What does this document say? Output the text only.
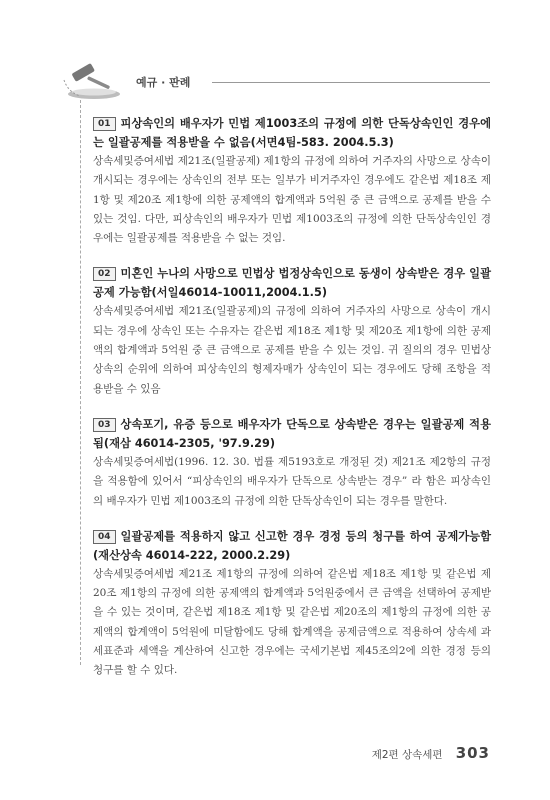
예규 · 판례

01 피상속인의 배우자가 민법 제1003조의 규정에 의한 단독상속인인 경우에는 일괄공제를 적용받을 수 없음(서면4팀-583. 2004.5.3)

상속세및증여세법 제21조(일괄공제) 제1항의 규정에 의하여 거주자의 사망으로 상속이 개시되는 경우에는 상속인의 전부 또는 일부가 비거주자인 경우에도 같은법 제18조 제1항 및 제20조 제1항에 의한 공제액의 합계액과 5억원 중 큰 금액으로 공제를 받을 수 있는 것임. 다만, 피상속인의 배우자가 민법 제1003조의 규정에 의한 단독상속인인 경우에는 일괄공제를 적용받을 수 없는 것임.

02 미혼인 누나의 사망으로 민법상 법정상속인으로 동생이 상속받은 경우 일괄공제 가능함(서일46014-10011,2004.1.5)

상속세및증여세법 제21조(일괄공제)의 규정에 의하여 거주자의 사망으로 상속이 개시되는 경우에 상속인 또는 수유자는 같은법 제18조 제1항 및 제20조 제1항에 의한 공제액의 합계액과 5억원 중 큰 금액으로 공제를 받을 수 있는 것임. 귀 질의의 경우 민법상 상속의 순위에 의하여 피상속인의 형제자매가 상속인이 되는 경우에도 당해 조항을 적용받을 수 있음

03 상속포기, 유증 등으로 배우자가 단독으로 상속받은 경우는 일괄공제 적용됨(재삼 46014-2305, '97.9.29)

상속세및증여세법(1996. 12. 30. 법률 제5193호로 개정된 것) 제21조 제2항의 규정을 적용함에 있어서 “피상속인의 배우자가 단독으로 상속받는 경우” 라 함은 피상속인의 배우자가 민법 제1003조의 규정에 의한 단독상속인이 되는 경우를 말한다.

04 일괄공제를 적용하지 않고 신고한 경우 경정 등의 청구를 하여 공제가능함(재산상속 46014-222, 2000.2.29)

상속세및증여세법 제21조 제1항의 규정에 의하여 같은법 제18조 제1항 및 같은법 제20조 제1항의 규정에 의한 공제액의 합계액과 5억원중에서 큰 금액을 선택하여 공제받을 수 있는 것이며, 같은법 제18조 제1항 및 같은법 제20조의 제1항의 규정에 의한 공제액의 합계액이 5억원에 미달함에도 당해 합계액을 공제금액으로 적용하여 상속세 과세표준과 세액을 계산하여 신고한 경우에는 국세기본법 제45조의2에 의한 경정 등의 청구를 할 수 있다.

제2편 상속세편 303
